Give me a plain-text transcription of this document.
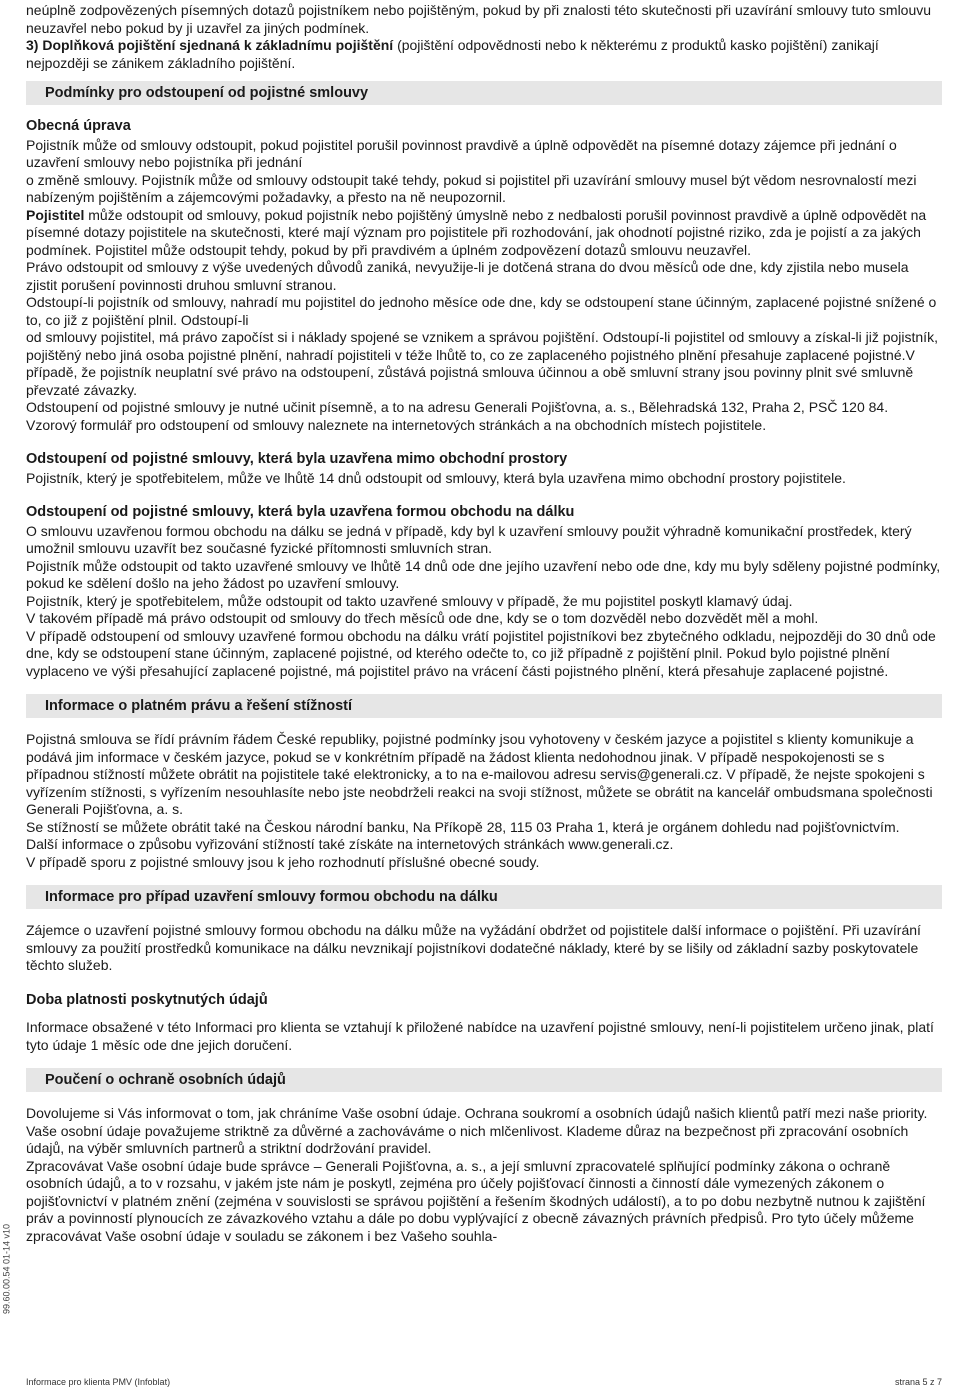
neúplně zodpovězených písemných dotazů pojistníkem nebo pojištěným, pokud by při znalosti této skutečnosti při uzavírání smlouvy tuto smlouvu neuzavřel nebo pokud by ji uzavřel za jiných podmínek.

3) Doplňková pojištění sjednaná k základnímu pojištění (pojištění odpovědnosti nebo k některému z produktů kasko pojištění) zanikají nejpozději se zánikem základního pojištění.

Podmínky pro odstoupení od pojistné smlouvy
Obecná úprava

Pojistník může od smlouvy odstoupit, pokud pojistitel porušil povinnost pravdivě a úplně odpovědět na písemné dotazy zájemce při jednání o uzavření smlouvy nebo pojistníka při jednání

o změně smlouvy. Pojistník může od smlouvy odstoupit také tehdy, pokud si pojistitel při uzavírání smlouvy musel být vědom nesrovnalostí mezi nabízeným pojištěním a zájemcovými požadavky, a přesto na ně neupozornil.

Pojistitel může odstoupit od smlouvy, pokud pojistník nebo pojištěný úmyslně nebo z nedbalosti porušil povinnost pravdivě a úplně odpovědět na písemné dotazy pojistitele na skutečnosti, které mají význam pro pojistitele při rozhodování, jak ohodnotí pojistné riziko, zda je pojistí a za jakých podmínek. Pojistitel může odstoupit tehdy, pokud by při pravdivém a úplném zodpovězení dotazů smlouvu neuzavřel.

Právo odstoupit od smlouvy z výše uvedených důvodů zaniká, nevyužije-li je dotčená strana do dvou měsíců ode dne, kdy zjistila nebo musela zjistit porušení povinnosti druhou smluvní stranou.

Odstoupí-li pojistník od smlouvy, nahradí mu pojistitel do jednoho měsíce ode dne, kdy se odstoupení stane účinným, zaplacené pojistné snížené o to, co již z pojištění plnil. Odstoupí-li

od smlouvy pojistitel, má právo započíst si i náklady spojené se vznikem a správou pojištění. Odstoupí-li pojistitel od smlouvy a získal-li již pojistník, pojištěný nebo jiná osoba pojistné plnění, nahradí pojistiteli v téže lhůtě to, co ze zaplaceného pojistného plnění přesahuje zaplacené pojistné.V případě, že pojistník neuplatní své právo na odstoupení, zůstává pojistná smlouva účinnou a obě smluvní strany jsou povinny plnit své smluvně převzaté závazky.

Odstoupení od pojistné smlouvy je nutné učinit písemně, a to na adresu Generali Pojišťovna, a. s., Bělehradská 132, Praha 2, PSČ 120 84. Vzorový formulář pro odstoupení od smlouvy naleznete na internetových stránkách a na obchodních místech pojistitele.

Odstoupení od pojistné smlouvy, která byla uzavřena mimo obchodní prostory

Pojistník, který je spotřebitelem, může ve lhůtě 14 dnů odstoupit od smlouvy, která byla uzavřena mimo obchodní prostory pojistitele.

Odstoupení od pojistné smlouvy, která byla uzavřena formou obchodu na dálku

O smlouvu uzavřenou formou obchodu na dálku se jedná v případě, kdy byl k uzavření smlouvy použit výhradně komunikační prostředek, který umožnil smlouvu uzavřít bez současné fyzické přítomnosti smluvních stran.

Pojistník může odstoupit od takto uzavřené smlouvy ve lhůtě 14 dnů ode dne jejího uzavření nebo ode dne, kdy mu byly sděleny pojistné podmínky, pokud ke sdělení došlo na jeho žádost po uzavření smlouvy.

Pojistník, který je spotřebitelem, může odstoupit od takto uzavřené smlouvy v případě, že mu pojistitel poskytl klamavý údaj.

V takovém případě má právo odstoupit od smlouvy do třech měsíců ode dne, kdy se o tom dozvěděl nebo dozvědět měl a mohl.

V případě odstoupení od smlouvy uzavřené formou obchodu na dálku vrátí pojistitel pojistníkovi bez zbytečného odkladu, nejpozději do 30 dnů ode dne, kdy se odstoupení stane účinným, zaplacené pojistné, od kterého odečte to, co již případně z pojištění plnil. Pokud bylo pojistné plnění vyplaceno ve výši přesahující zaplacené pojistné, má pojistitel právo na vrácení části pojistného plnění, která přesahuje zaplacené pojistné.

Informace o platném právu a řešení stížností

Pojistná smlouva se řídí právním řádem České republiky, pojistné podmínky jsou vyhotoveny v českém jazyce a pojistitel s klienty komunikuje a podává jim informace v českém jazyce, pokud se v konkrétním případě na žádost klienta nedohodnou jinak. V případě nespokojenosti se s případnou stížností můžete obrátit na pojistitele také elektronicky, a to na e-mailovou adresu servis@generali.cz. V případě, že nejste spokojeni s vyřízením stížnosti, s vyřízením nesouhlasíte nebo jste neobdrželi reakci na svoji stížnost, můžete se obrátit na kancelář ombudsmana společnosti Generali Pojišťovna, a. s.

Se stížností se můžete obrátit také na Českou národní banku, Na Příkopě 28, 115 03 Praha 1, která je orgánem dohledu nad pojišťovnictvím.

Další informace o způsobu vyřizování stížností také získáte na internetových stránkách www.generali.cz.

V případě sporu z pojistné smlouvy jsou k jeho rozhodnutí příslušné obecné soudy.

Informace pro případ uzavření smlouvy formou obchodu na dálku

Zájemce o uzavření pojistné smlouvy formou obchodu na dálku může na vyžádání obdržet od pojistitele další informace o pojištění. Při uzavírání smlouvy za použití prostředků komunikace na dálku nevznikají pojistníkovi dodatečné náklady, které by se lišily od základní sazby poskytovatele těchto služeb.

Doba platnosti poskytnutých údajů

Informace obsažené v této Informaci pro klienta se vztahují k přiložené nabídce na uzavření pojistné smlouvy, není-li pojistitelem určeno jinak, platí tyto údaje 1 měsíc ode dne jejich doručení.

Poučení o ochraně osobních údajů

Dovolujeme si Vás informovat o tom, jak chráníme Vaše osobní údaje. Ochrana soukromí a osobních údajů našich klientů patří mezi naše priority. Vaše osobní údaje považujeme striktně za důvěrné a zachováváme o nich mlčenlivost. Klademe důraz na bezpečnost při zpracování osobních údajů, na výběr smluvních partnerů a striktní dodržování pravidel.

Zpracovávat Vaše osobní údaje bude správce – Generali Pojišťovna, a. s., a její smluvní zpracovatelé splňující podmínky zákona o ochraně osobních údajů, a to v rozsahu, v jakém jste nám je poskytl, zejména pro účely pojišťovací činnosti a činností dále vymezených zákonem o pojišťovnictví v platném znění (zejména v souvislosti se správou pojištění a řešením škodných událostí), a to po dobu nezbytně nutnou k zajištění práv a povinností plynoucích ze závazkového vztahu a dále po dobu vyplývající z obecně závazných právních předpisů. Pro tyto účely můžeme zpracovávat Vaše osobní údaje v souladu se zákonem i bez Vašeho souhla-

99.60.00.54 01-14 v10
Informace pro klienta PMV (Infoblat)	strana 5 z 7
